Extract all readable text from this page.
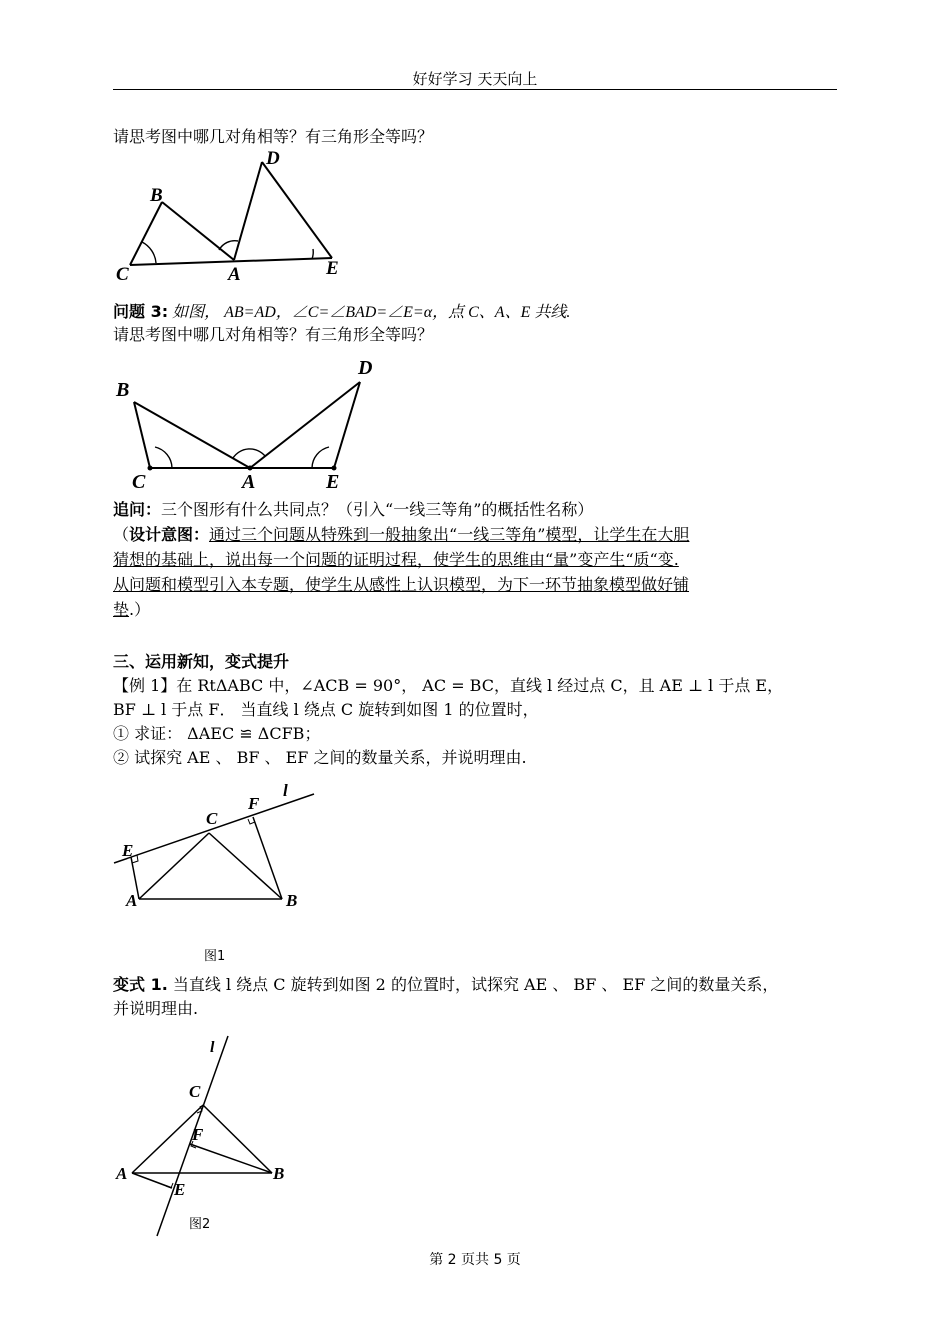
好好学习 天天向上
请思考图中哪几对角相等？有三角形全等吗？
B
D
C	A	E
问题 3: 如图， AB=AD，∠C=∠BAD=∠E=α，点 C、A、E 共线.
请思考图中哪几对角相等？有三角形全等吗？
B
D
C	A	E
追问：三个图形有什么共同点？（引入“一线三等角”的概括性名称）
（设计意图：通过三个问题从特殊到一般抽象出“一线三等角”模型，让学生在大胆
猜想的基础上，说出每一个问题的证明过程，使学生的思维由“量”变产生“质“变.
从问题和模型引入本专题，使学生从感性上认识模型，为下一环节抽象模型做好铺
垫.）
三、运用新知，变式提升
【例 1】在 RtΔABC 中，∠ACB = 90°， AC = BC，直线 l 经过点 C，且 AE ⊥ l 于点 E，
BF ⊥ l 于点 F． 当直线 l 绕点 C 旋转到如图 1 的位置时，
① 求证： ΔAEC ≌ ΔCFB；
② 试探究 AE 、 BF 、 EF 之间的数量关系，并说明理由.
F
l
C
E
A	B
图1
变式 1. 当直线 l 绕点 C 旋转到如图 2 的位置时，试探究 AE 、 BF 、 EF 之间的数量关系，
并说明理由.
l
C
F
A	B
E
图2
第 2 页共 5 页
